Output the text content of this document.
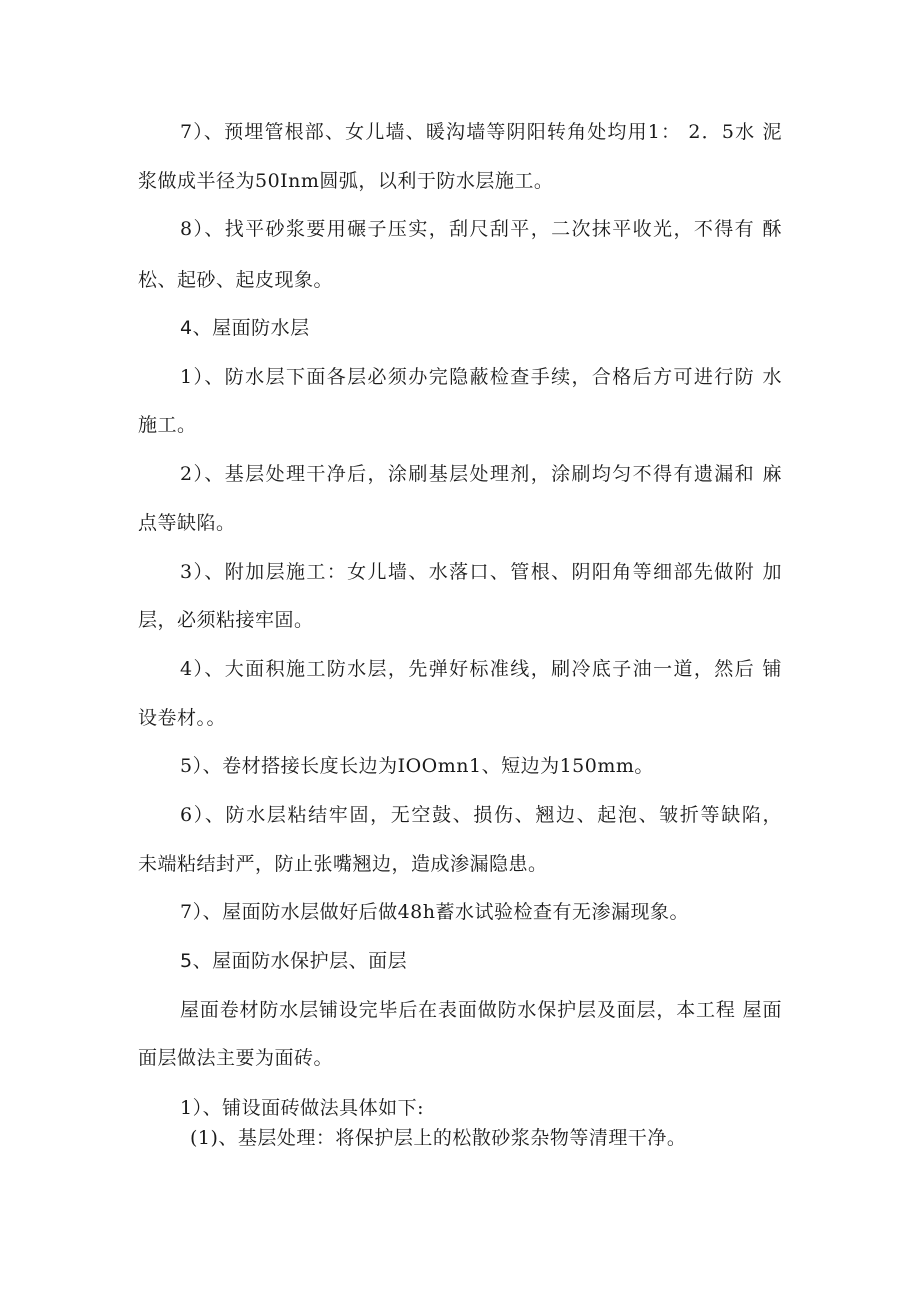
7）、预埋管根部、女儿墙、暖沟墙等阴阳转角处均用1： 2．5水 泥
浆做成半径为50Inm圆弧，以利于防水层施工。
8）、找平砂浆要用碾子压实，刮尺刮平，二次抹平收光，不得有 酥
松、起砂、起皮现象。
4、屋面防水层
1）、防水层下面各层必须办完隐蔽检查手续，合格后方可进行防 水
施工。
2）、基层处理干净后，涂刷基层处理剂，涂刷均匀不得有遗漏和 麻
点等缺陷。
3）、附加层施工：女儿墙、水落口、管根、阴阳角等细部先做附 加
层，必须粘接牢固。
4）、大面积施工防水层，先弹好标准线，刷冷底子油一道，然后 铺
设卷材。。
5）、卷材搭接长度长边为IOOmn1、短边为150mm。
6）、防水层粘结牢固，无空鼓、损伤、翘边、起泡、皱折等缺陷，
未端粘结封严，防止张嘴翘边，造成渗漏隐患。
7）、屋面防水层做好后做48h蓄水试验检查有无渗漏现象。
5、屋面防水保护层、面层
屋面卷材防水层铺设完毕后在表面做防水保护层及面层，本工程 屋面
面层做法主要为面砖。
1）、铺设面砖做法具体如下:
(1)、基层处理：将保护层上的松散砂浆杂物等清理干净。
